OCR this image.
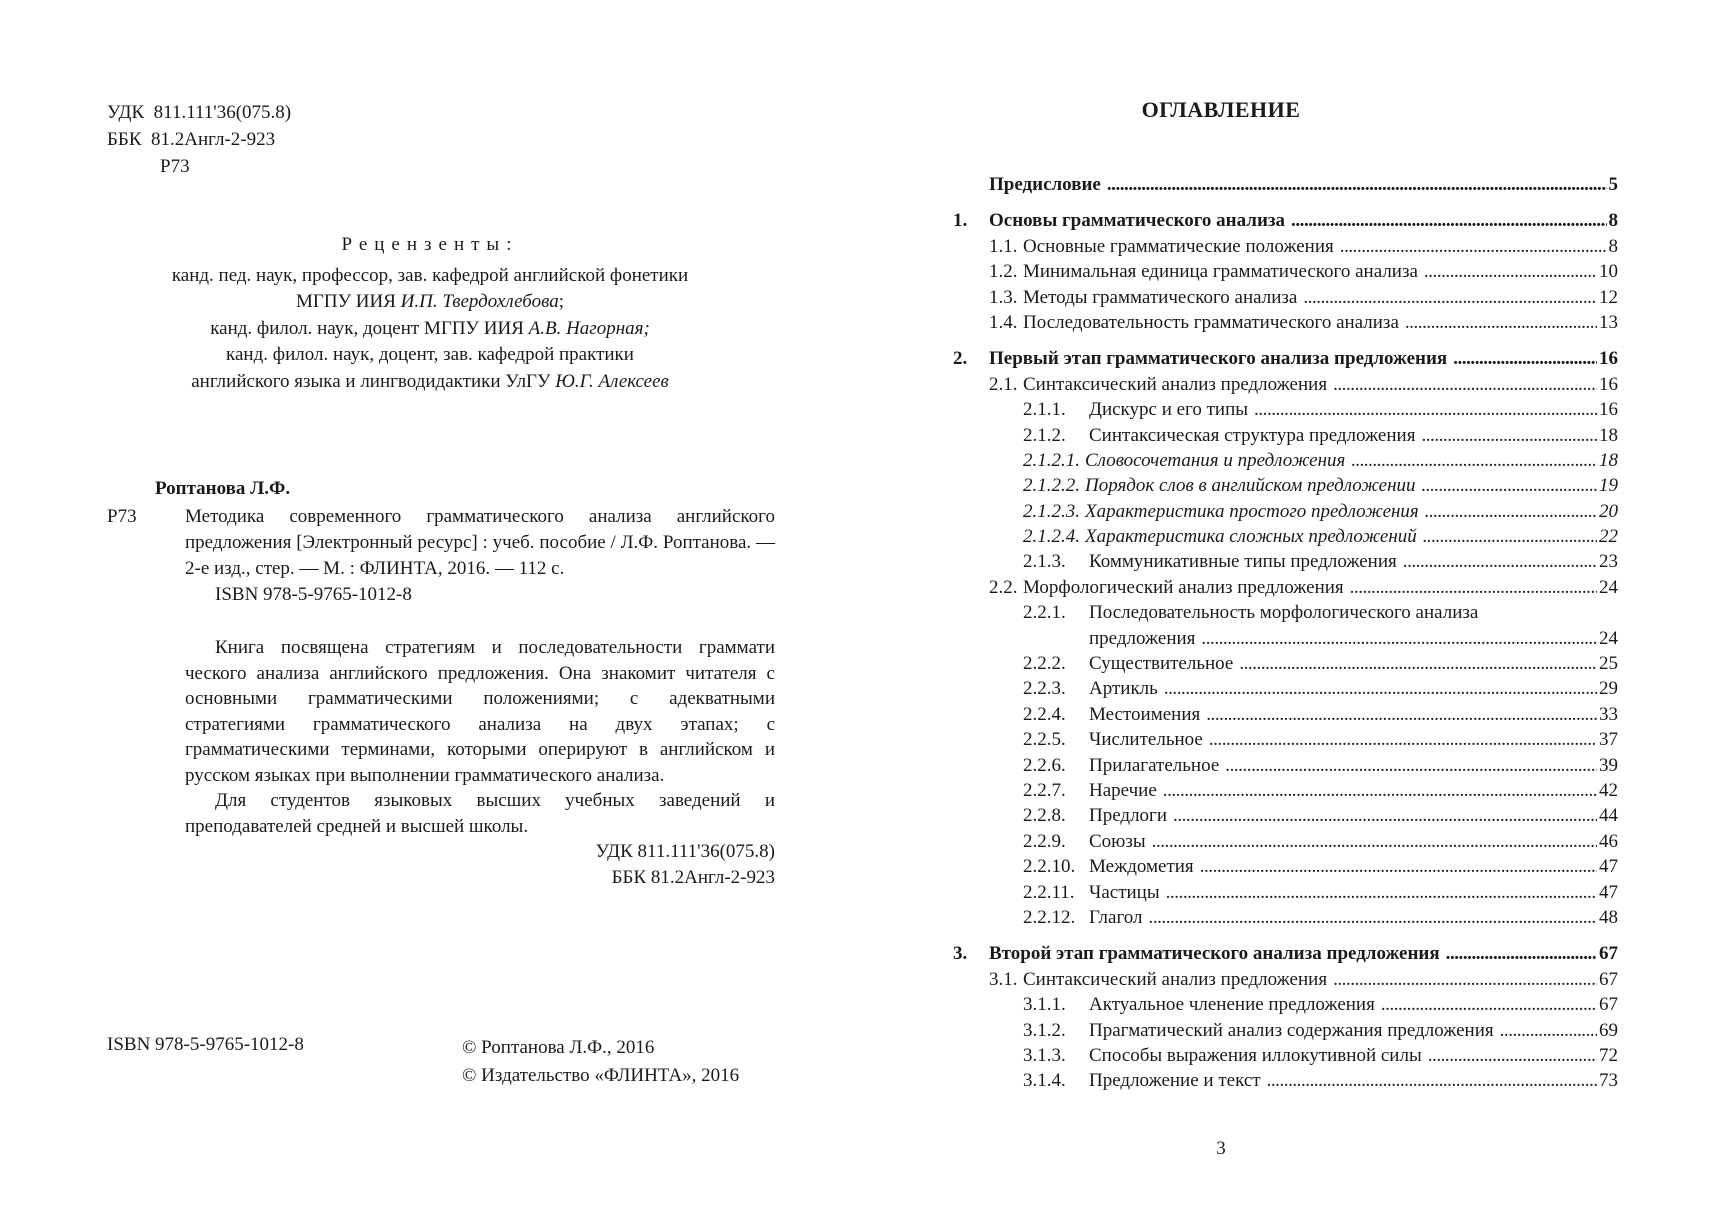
УДК  811.111'36(075.8)
ББК  81.2Англ-2-923
Р73
Рецензенты:
канд. пед. наук, профессор, зав. кафедрой английской фонетики
МГПУ ИИЯ И.П. Твердохлебова;
канд. филол. наук, доцент МГПУ ИИЯ А.В. Нагорная;
канд. филол. наук, доцент, зав. кафедрой практики
английского языка и лингводидактики УлГУ Ю.Г. Алексеев
Роптанова Л.Ф.
Р73	Методика современного грамматического анализа английского предложения [Электронный ресурс] : учеб. пособие / Л.Ф. Роптанова. — 2-е изд., стер. — М. : ФЛИНТА, 2016. — 112 с.
ISBN 978-5-9765-1012-8

Книга посвящена стратегиям и последовательности граммати ческого анализа английского предложения. Она знакомит читателя с основными грамматическими положениями; с адекватными стратегиями грамматического анализа на двух этапах; с грамматическими терминами, которыми оперируют в английском и русском языках при выполнении грамматического анализа.

Для студентов языковых высших учебных заведений и преподавателей средней и высшей школы.

УДК 811.111'36(075.8)

ББК 81.2Англ-2-923

ISBN 978-5-9765-1012-8	© Роптанова Л.Ф., 2016
© Издательство «ФЛИНТА», 2016
ОГЛАВЛЕНИЕ
Предисловие . . .	5
1.	Основы грамматического анализа . . .	8
1.1. Основные грамматические положения . . .	8
1.2. Минимальная единица грамматического анализа . . .	10
1.3. Методы грамматического анализа . . .	12
1.4. Последовательность грамматического анализа . . .	13
2.	Первый этап грамматического анализа предложения . . .	16
2.1. Синтаксический анализ предложения . . .	16
2.1.1.	Дискурс и его типы . . .	16
2.1.2.	Синтаксическая структура предложения . . .	18
2.1.2.1. Словосочетания и предложения . . .	18
2.1.2.2. Порядок слов в английском предложении . . .	19
2.1.2.3. Характеристика простого предложения . . .	20
2.1.2.4. Характеристика сложных предложений . . .	22
2.1.3.	Коммуникативные типы предложения . . .	23
2.2. Морфологический анализ предложения . . .	24
2.2.1.	Последовательность морфологического анализа
предложения . . .	24
2.2.2.	Существительное . . .	25
2.2.3.	Артикль . . .	29
2.2.4.	Местоимения . . .	33
2.2.5.	Числительное . . .	37
2.2.6.	Прилагательное . . .	39
2.2.7.	Наречие . . .	42
2.2.8.	Предлоги . . .	44
2.2.9.	Союзы . . .	46
2.2.10. Междометия . . .	47
2.2.11. Частицы . . .	47
2.2.12. Глагол . . .	48
3.	Второй этап грамматического анализа предложения . . .	67
3.1. Синтаксический анализ предложения . . .	67
3.1.1.	Актуальное членение предложения . . .	67
3.1.2.	Прагматический анализ содержания предложения . . .	69
3.1.3.	Способы выражения иллокутивной силы . . .	72
3.1.4.	Предложение и текст . . .	73
3
